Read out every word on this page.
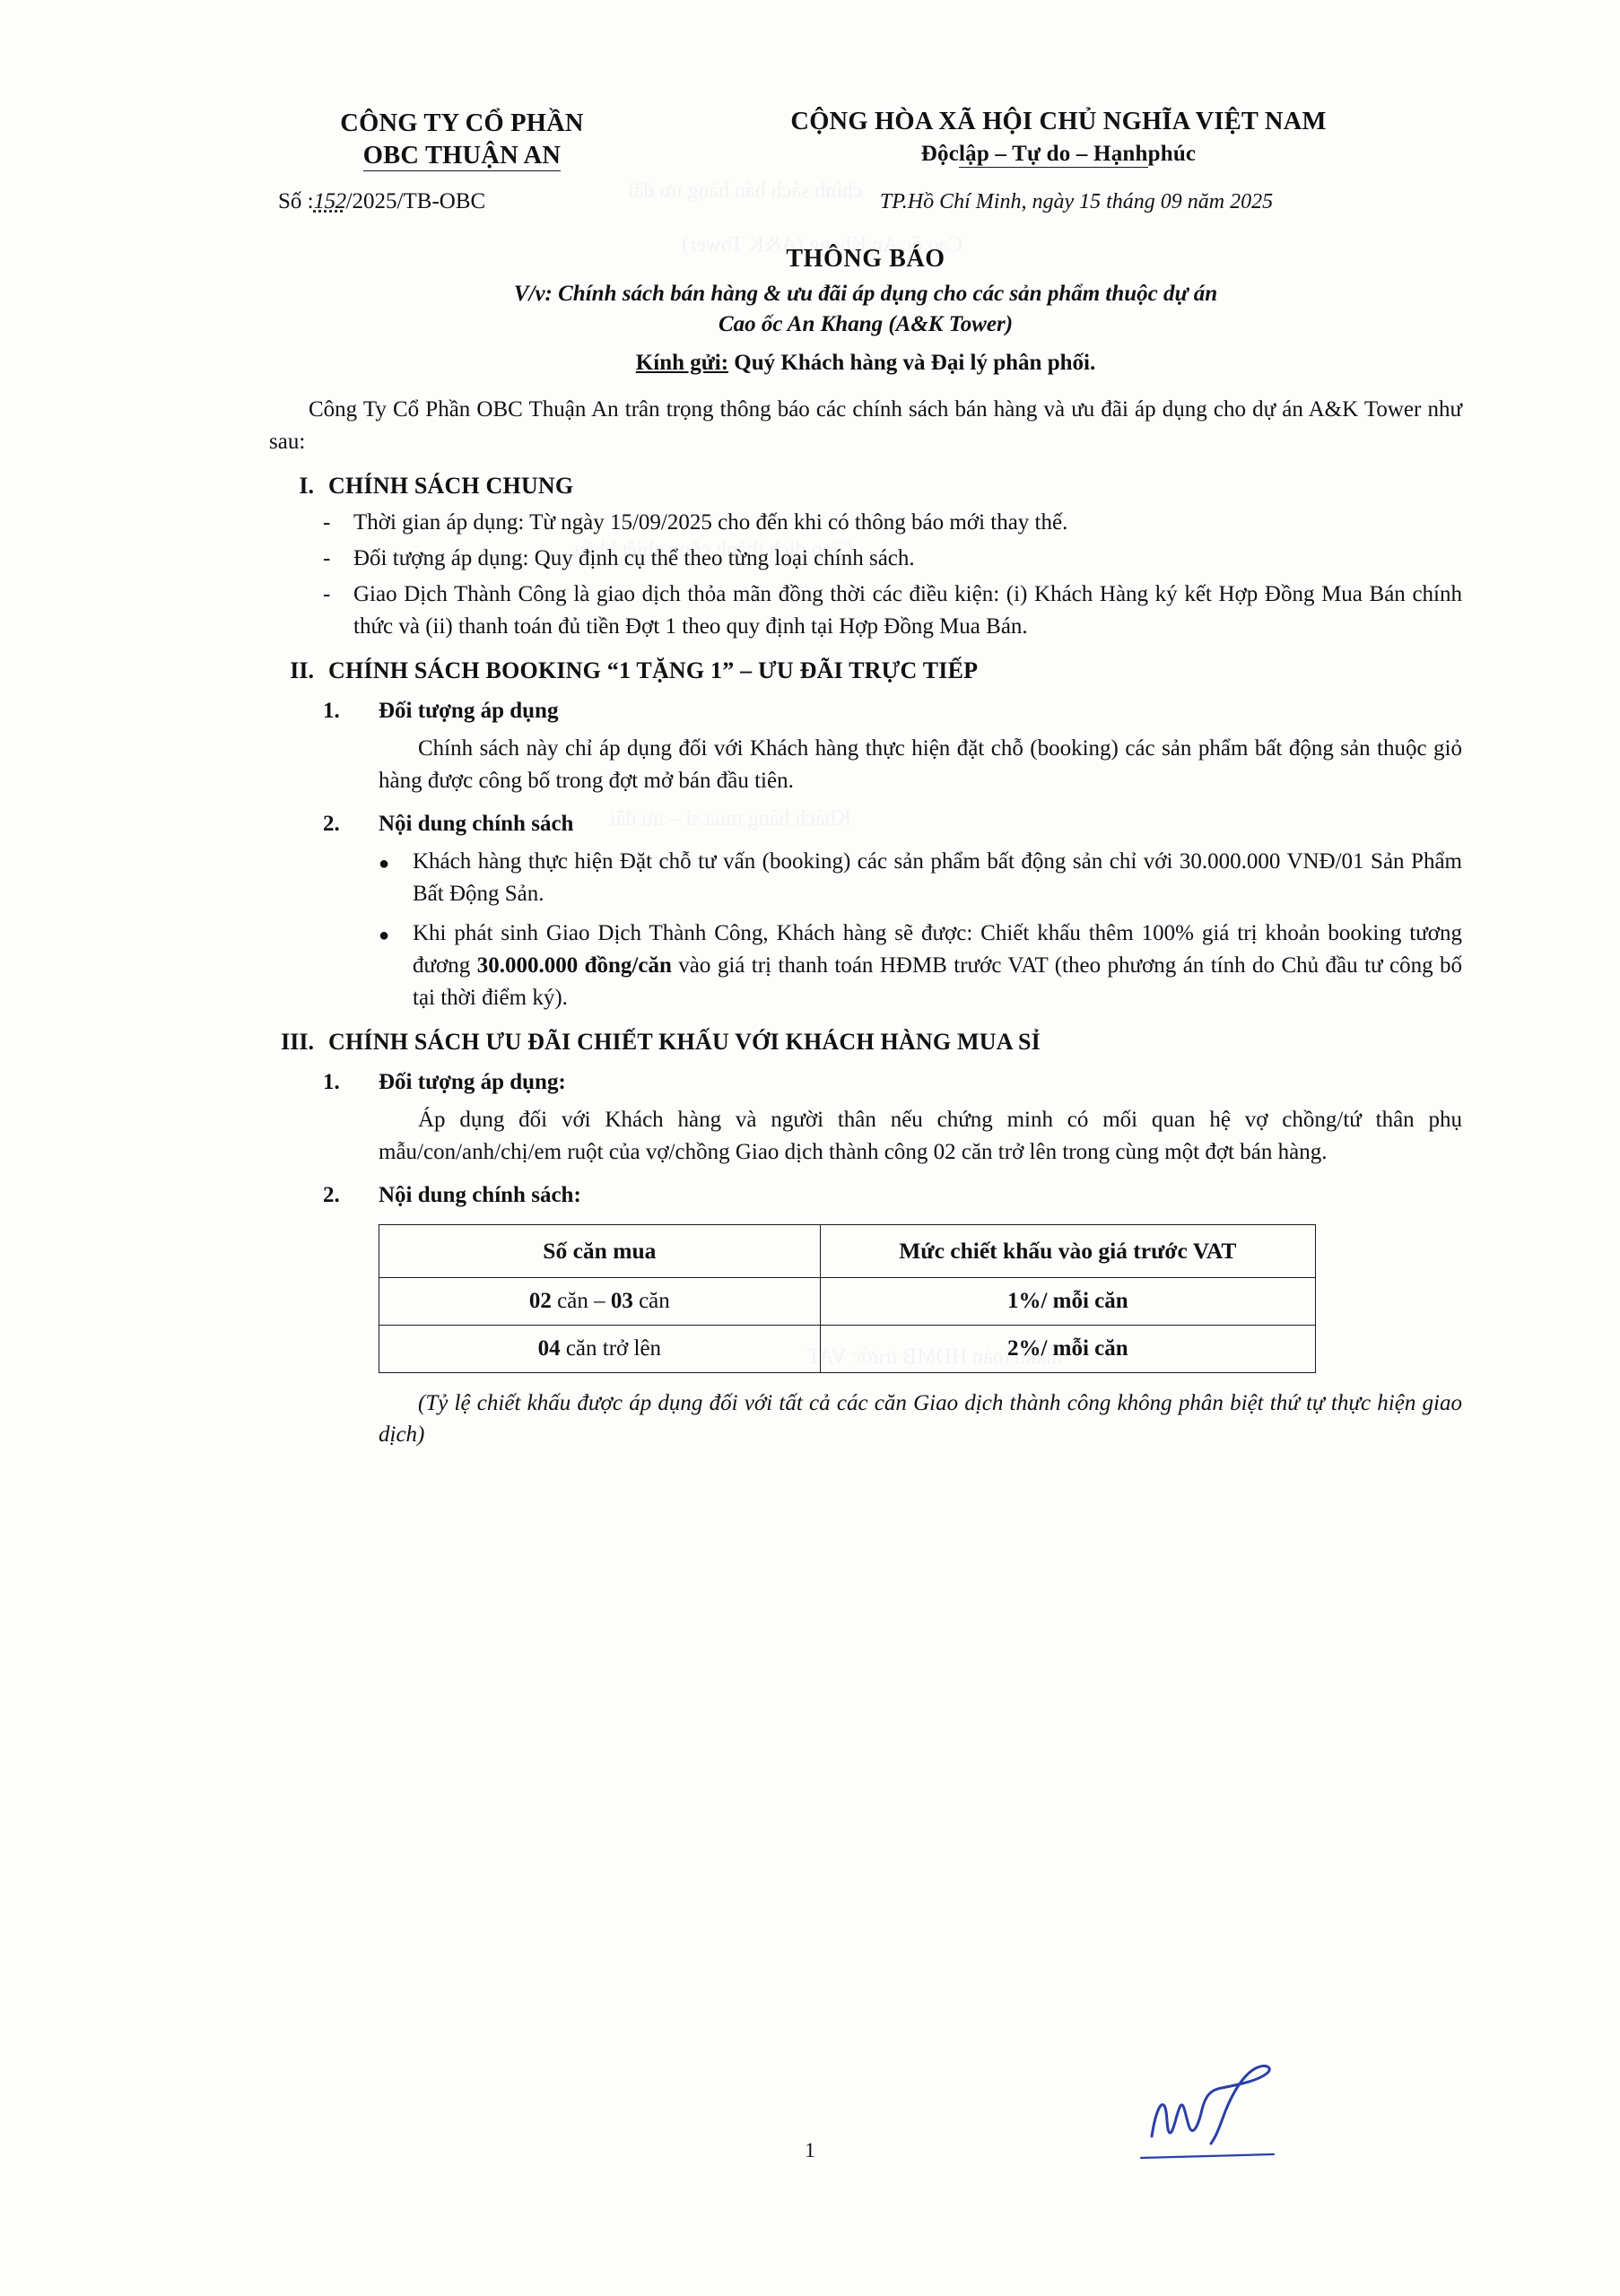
CÔNG TY CỔ PHẦN
OBC THUẬN AN
CỘNG HÒA XÃ HỘI CHỦ NGHĨA VIỆT NAM
Độclập – Tự do – Hạnhphúc
Số :152/2025/TB-OBC	TP.Hồ Chí Minh, ngày 15 tháng 09 năm 2025
THÔNG BÁO
V/v: Chính sách bán hàng & ưu đãi áp dụng cho các sản phẩm thuộc dự án
Cao ốc An Khang (A&K Tower)
Kính gửi: Quý Khách hàng và Đại lý phân phối.
Công Ty Cổ Phần OBC Thuận An trân trọng thông báo các chính sách bán hàng và ưu đãi áp dụng cho dự án A&K Tower như sau:
I. CHÍNH SÁCH CHUNG
-	Thời gian áp dụng: Từ ngày 15/09/2025 cho đến khi có thông báo mới thay thế.
-	Đối tượng áp dụng: Quy định cụ thể theo từng loại chính sách.
-	Giao Dịch Thành Công là giao dịch thỏa mãn đồng thời các điều kiện: (i) Khách Hàng ký kết Hợp Đồng Mua Bán chính thức và (ii) thanh toán đủ tiền Đợt 1 theo quy định tại Hợp Đồng Mua Bán.
II. CHÍNH SÁCH BOOKING “1 TẶNG 1” – ƯU ĐÃI TRỰC TIẾP
1.	Đối tượng áp dụng
Chính sách này chỉ áp dụng đối với Khách hàng thực hiện đặt chỗ (booking) các sản phẩm bất động sản thuộc giỏ hàng được công bố trong đợt mở bán đầu tiên.
2.	Nội dung chính sách
●	Khách hàng thực hiện Đặt chỗ tư vấn (booking) các sản phẩm bất động sản chỉ với 30.000.000 VNĐ/01 Sản Phẩm Bất Động Sản.
●	Khi phát sinh Giao Dịch Thành Công, Khách hàng sẽ được: Chiết khấu thêm 100% giá trị khoản booking tương đương 30.000.000 đồng/căn vào giá trị thanh toán HĐMB trước VAT (theo phương án tính do Chủ đầu tư công bố tại thời điểm ký).
III. CHÍNH SÁCH ƯU ĐÃI CHIẾT KHẤU VỚI KHÁCH HÀNG MUA SỈ
1.	Đối tượng áp dụng:
Áp dụng đối với Khách hàng và người thân nếu chứng minh có mối quan hệ vợ chồng/tứ thân phụ mẫu/con/anh/chị/em ruột của vợ/chồng Giao dịch thành công 02 căn trở lên trong cùng một đợt bán hàng.
2.	Nội dung chính sách:
Số căn mua	Mức chiết khấu vào giá trước VAT
02 căn – 03 căn	1%/ mỗi căn
04 căn trở lên	2%/ mỗi căn
(Tỷ lệ chiết khấu được áp dụng đối với tất cả các căn Giao dịch thành công không phân biệt thứ tự thực hiện giao dịch)
1
